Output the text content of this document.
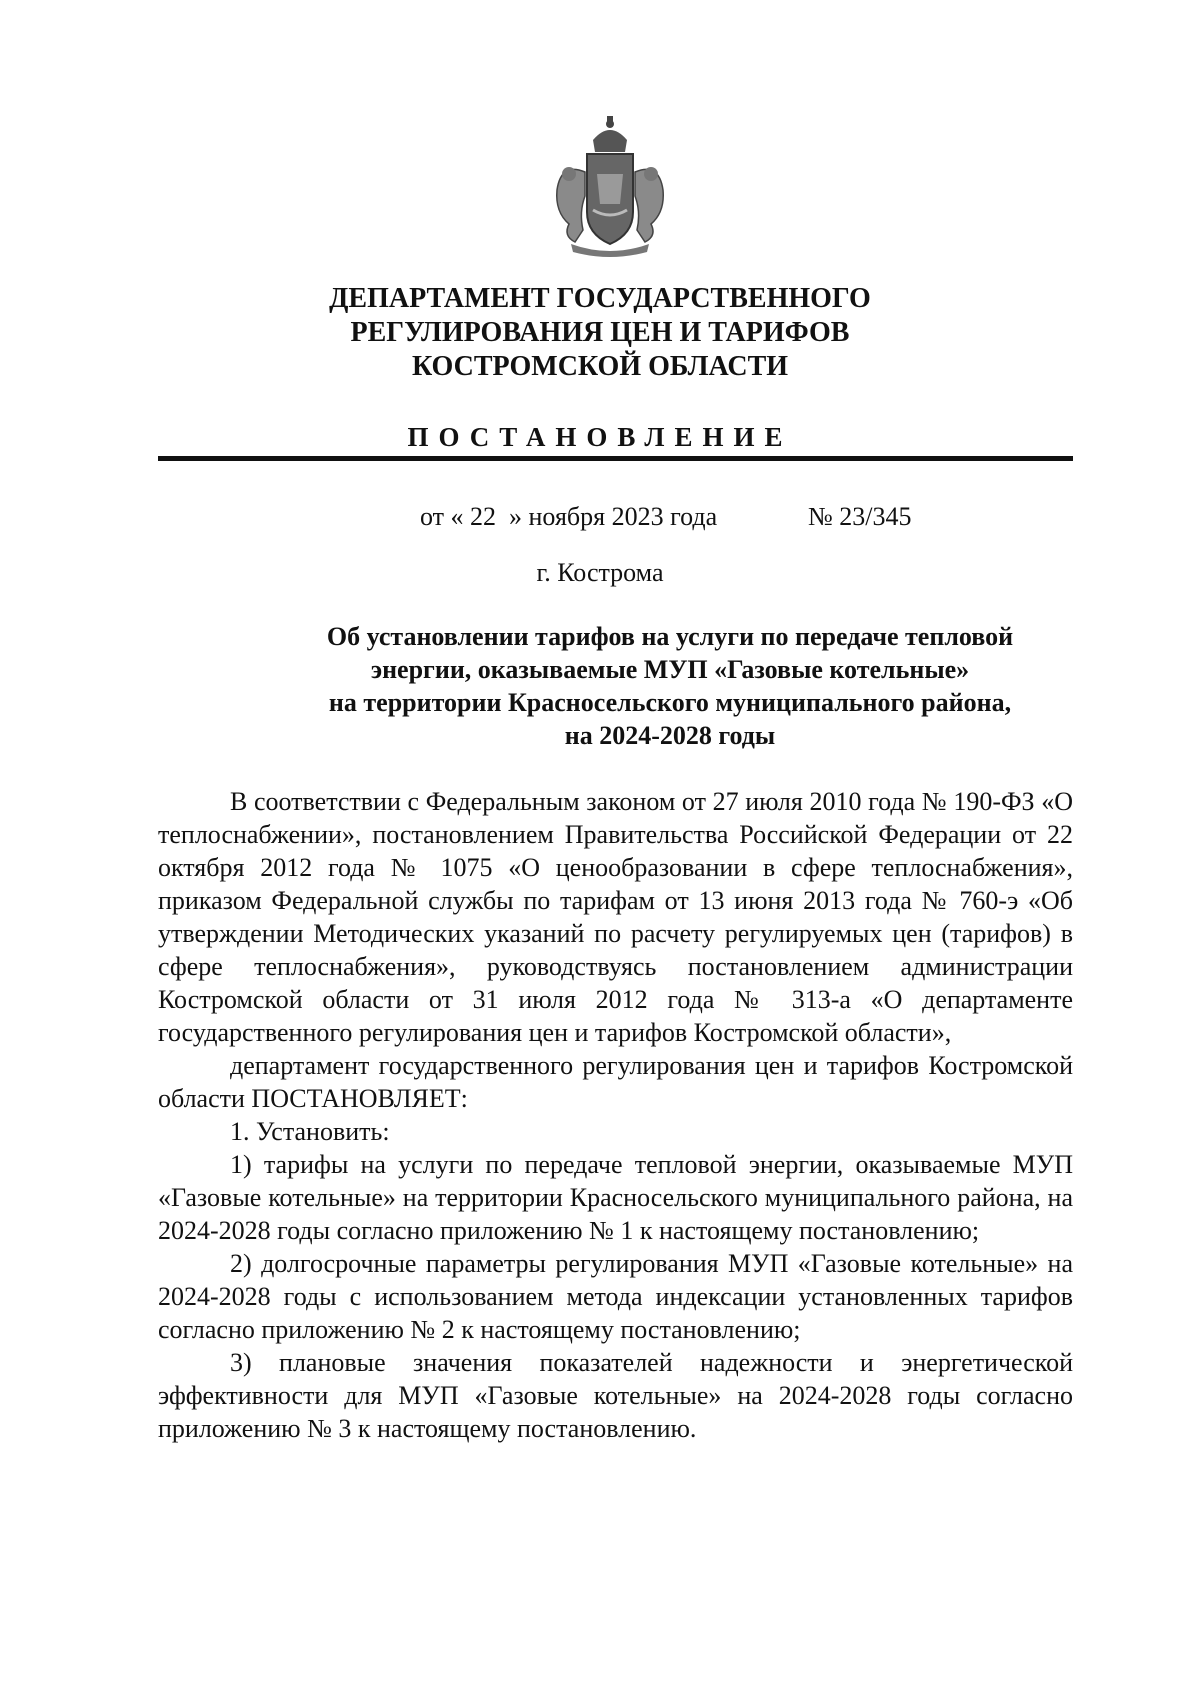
ДЕПАРТАМЕНТ ГОСУДАРСТВЕННОГО
РЕГУЛИРОВАНИЯ ЦЕН И ТАРИФОВ
КОСТРОМСКОЙ ОБЛАСТИ
ПОСТАНОВЛЕНИЕ
от « 22  » ноября 2023 года	№ 23/345
г. Кострома
Об установлении тарифов на услуги по передаче тепловой
энергии, оказываемые МУП «Газовые котельные»
на территории Красносельского муниципального района,
на 2024-2028 годы

В соответствии с Федеральным законом от 27 июля 2010 года № 190-ФЗ «О теплоснабжении», постановлением Правительства Российской Федерации от 22 октября 2012 года № 1075 «О ценообразовании в сфере теплоснабжения», приказом Федеральной службы по тарифам от 13 июня 2013 года № 760-э «Об утверждении Методических указаний по расчету регулируемых цен (тарифов) в сфере теплоснабжения», руководствуясь постановлением администрации Костромской области от 31 июля 2012 года № 313-а «О департаменте государственного регулирования цен и тарифов Костромской области»,

департамент государственного регулирования цен и тарифов Костромской области ПОСТАНОВЛЯЕТ:

1. Установить:

1) тарифы на услуги по передаче тепловой энергии, оказываемые МУП «Газовые котельные» на территории Красносельского муниципального района, на 2024-2028 годы согласно приложению № 1 к настоящему постановлению;

2) долгосрочные параметры регулирования МУП «Газовые котельные» на 2024-2028 годы с использованием метода индексации установленных тарифов согласно приложению № 2 к настоящему постановлению;

3) плановые значения показателей надежности и энергетической эффективности для МУП «Газовые котельные» на 2024-2028 годы согласно приложению № 3 к настоящему постановлению.
